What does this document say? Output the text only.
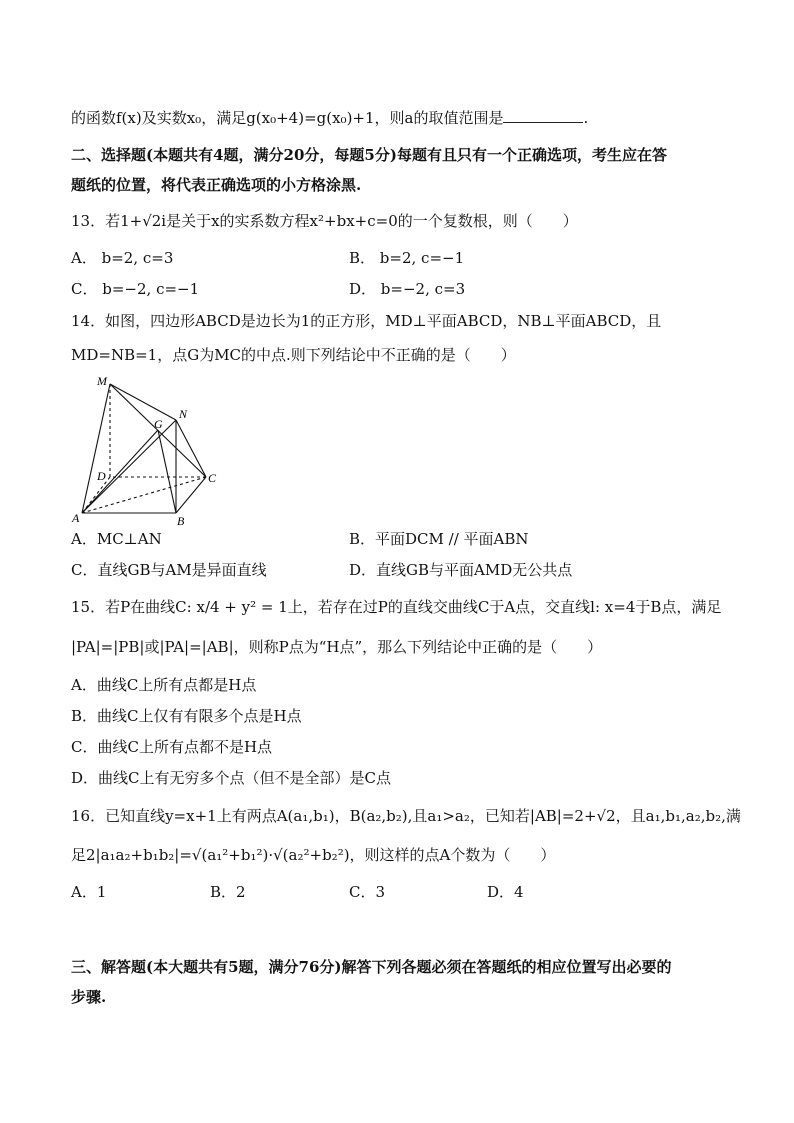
的函数f(x)及实数x₀，满足g(x₀+4)=g(x₀)+1，则a的取值范围是	.
二、选择题(本题共有4题，满分20分，每题5分)每题有且只有一个正确选项，考生应在答
题纸的位置，将代表正确选项的小方格涂黑.
13．若1+√2i是关于x的实系数方程x²+bx+c=0的一个复数根，则（　　）
A． b=2, c=3	B． b=2, c=−1
C． b=−2, c=−1	D． b=−2, c=3
14．如图，四边形ABCD是边长为1的正方形，MD⊥平面ABCD，NB⊥平面ABCD，且
MD=NB=1，点G为MC的中点.则下列结论中不正确的是（　　）
M
N
G
D	C
A	B
A．MC⊥AN	B．平面DCM // 平面ABN
C．直线GB与AM是异面直线	D．直线GB与平面AMD无公共点
15．若P在曲线C: x/4 + y² = 1上，若存在过P的直线交曲线C于A点，交直线l: x=4于B点，满足
|PA|=|PB|或|PA|=|AB|，则称P点为“H点”，那么下列结论中正确的是（　　）
A．曲线C上所有点都是H点
B．曲线C上仅有有限多个点是H点
C．曲线C上所有点都不是H点
D．曲线C上有无穷多个点（但不是全部）是C点
16．已知直线y=x+1上有两点A(a₁,b₁)，B(a₂,b₂),且a₁>a₂，已知若|AB|=2+√2，且a₁,b₁,a₂,b₂,满
足2|a₁a₂+b₁b₂|=√(a₁²+b₁²)·√(a₂²+b₂²)，则这样的点A个数为（　　）
A．1	B．2	C．3	D．4
三、解答题(本大题共有5题，满分76分)解答下列各题必须在答题纸的相应位置写出必要的
步骤.
